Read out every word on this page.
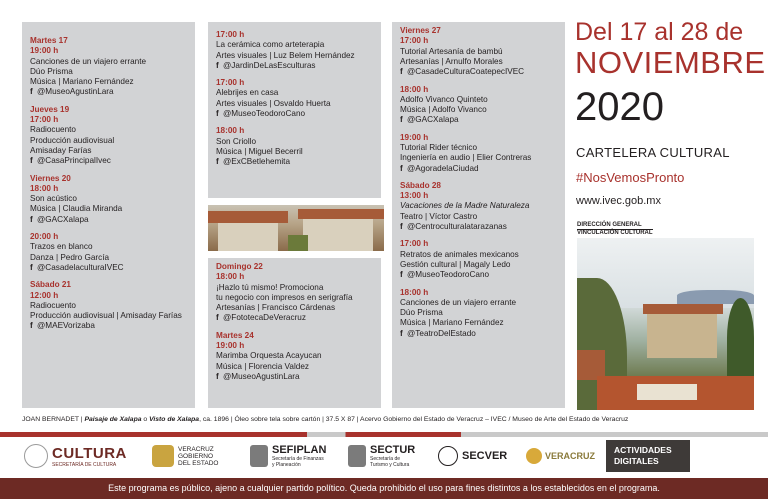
Del 17 al 28 de
NOVIEMBRE
2020
CARTELERA CULTURAL
#NosVemosPronto
www.ivec.gob.mx
DIRECCIÓN GENERAL
VINCULACIÓN CULTURAL
JOAN BERNADET | Paisaje de Xalapa o Visto de Xalapa, ca. 1896 | Óleo sobre tela sobre cartón | 37.5 X 87 | Acervo Gobierno del Estado de Veracruz – IVEC / Museo de Arte del Estado de Veracruz
CULTURA
SECRETARÍA DE CULTURA
VERACRUZ
GOBIERNO
DEL ESTADO
SEFIPLAN
Secretaría de Finanzas
y Planeación
SECTUR
Secretaría de
Turismo y Cultura
SECVER	VERACRUZ
ACTIVIDADES
DIGITALES
Este programa es público, ajeno a cualquier partido político. Queda prohibido el uso para fines distintos a los establecidos en el programa.
Martes 17
19:00 h
Canciones de un viajero errante
Dúo Prisma
Música | Mariano Fernández
f @MuseoAgustinLara
Jueves 19
17:00 h
Radiocuento
Producción audiovisual
Amisaday Farías
f @CasaPrincipalIvec
Viernes 20
18:00 h
Son acústico
Música | Claudia Miranda
f @GACXalapa
20:00 h
Trazos en blanco
Danza | Pedro García
f @CasadelaculturaIVEC
Sábado 21
12:00 h
Radiocuento
Producción audiovisual | Amisaday Farías
f @MAEVorizaba
17:00 h
La cerámica como arteterapia
Artes visuales | Luz Belem Hernández
f @JardinDeLasEsculturas
17:00 h
Alebrijes en casa
Artes visuales | Osvaldo Huerta
f @MuseoTeodoroCano
18:00 h
Son Criollo
Música | Miguel Becerril
f @ExCBetlehemita
Domingo 22
18:00 h
¡Hazlo tú mismo! Promociona
tu negocio con impresos en serigrafía
Artesanías | Francisco Cárdenas
f @FototecaDeVeracruz
Martes 24
19:00 h
Marimba Orquesta Acayucan
Música | Florencia Valdez
f @MuseoAgustinLara
Viernes 27
17:00 h
Tutorial Artesanía de bambú
Artesanías | Arnulfo Morales
f @CasadeCulturaCoatepecIVEC
18:00 h
Adolfo Vivanco Quinteto
Música | Adolfo Vivanco
f @GACXalapa
19:00 h
Tutorial Rider técnico
Ingeniería en audio | Elier Contreras
f @AgoradelaCiudad
Sábado 28
13:00 h
Vacaciones de la Madre Naturaleza
Teatro | Víctor Castro
f @Centroculturalatarazanas
17:00 h
Retratos de animales mexicanos
Gestión cultural | Magaly Ledo
f @MuseoTeodoroCano
18:00 h
Canciones de un viajero errante
Dúo Prisma
Música | Mariano Fernández
f @TeatroDelEstado
